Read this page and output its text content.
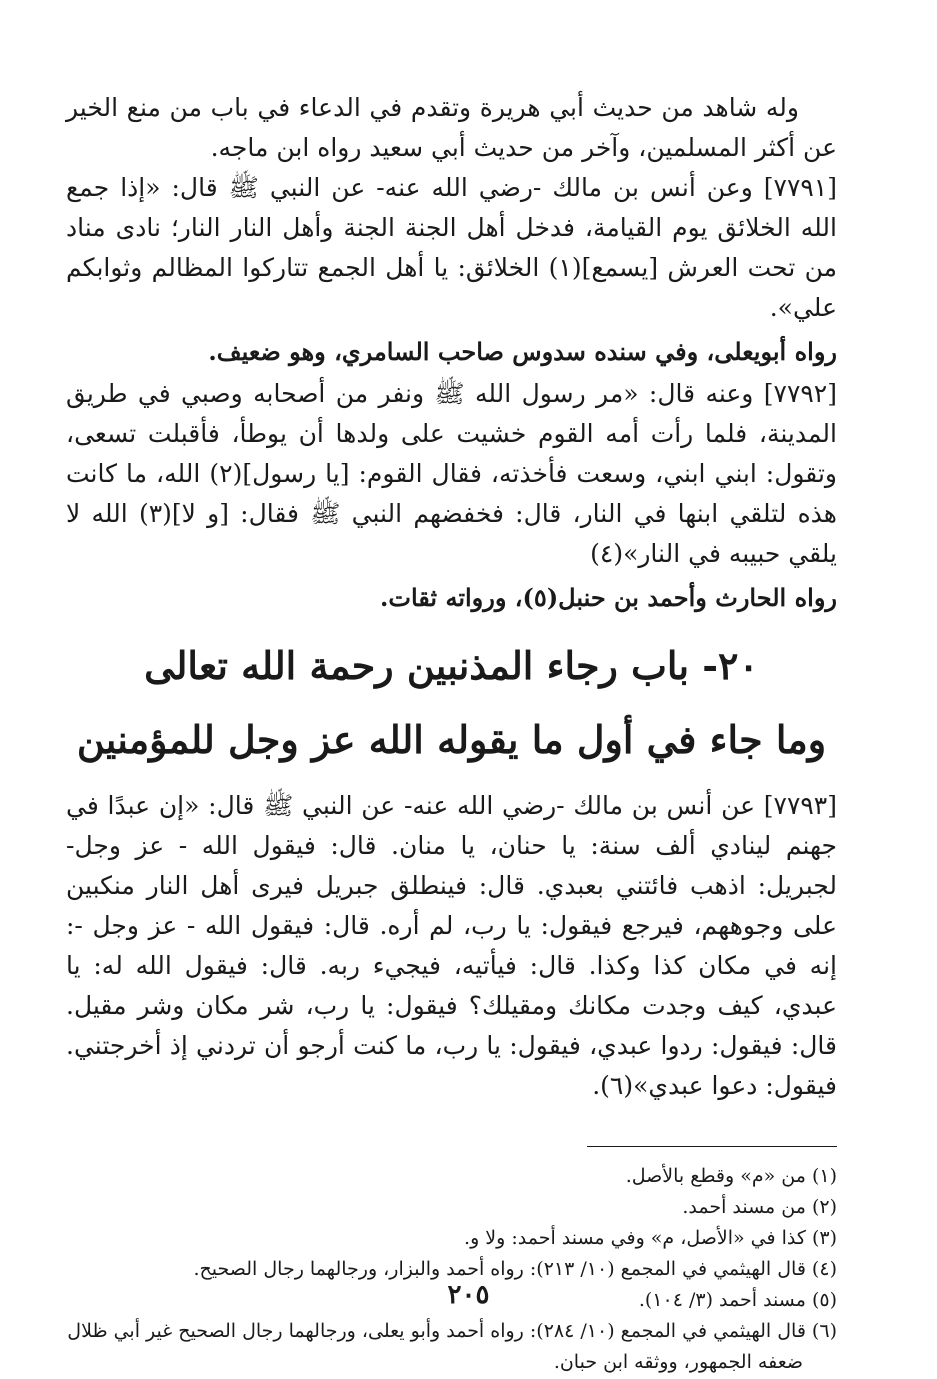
وله شاهد من حديث أبي هريرة وتقدم في الدعاء في باب من منع الخير عن أكثر المسلمين، وآخر من حديث أبي سعيد رواه ابن ماجه.

[٧٧٩١] وعن أنس بن مالك -رضي الله عنه- عن النبي ﷺ قال: «إذا جمع الله الخلائق يوم القيامة، فدخل أهل الجنة الجنة وأهل النار النار؛ نادى مناد من تحت العرش [يسمع](١) الخلائق: يا أهل الجمع تتاركوا المظالم وثوابكم علي».

رواه أبويعلى، وفي سنده سدوس صاحب السامري، وهو ضعيف.

[٧٧٩٢] وعنه قال: «مر رسول الله ﷺ ونفر من أصحابه وصبي في طريق المدينة، فلما رأت أمه القوم خشيت على ولدها أن يوطأ، فأقبلت تسعى، وتقول: ابني ابني، وسعت فأخذته، فقال القوم: [يا رسول](٢) الله، ما كانت هذه لتلقي ابنها في النار، قال: فخفضهم النبي ﷺ فقال: [و لا](٣) الله لا يلقي حبيبه في النار»(٤)

رواه الحارث وأحمد بن حنبل(٥)، ورواته ثقات.

٢٠- باب رجاء المذنبين رحمة الله تعالى
وما جاء في أول ما يقوله الله عز وجل للمؤمنين

[٧٧٩٣] عن أنس بن مالك -رضي الله عنه- عن النبي ﷺ قال: «إن عبدًا في جهنم لينادي ألف سنة: يا حنان، يا منان. قال: فيقول الله - عز وجل- لجبريل: اذهب فائتني بعبدي. قال: فينطلق جبريل فيرى أهل النار منكبين على وجوههم، فيرجع فيقول: يا رب، لم أره. قال: فيقول الله - عز وجل -: إنه في مكان كذا وكذا. قال: فيأتيه، فيجيء ربه. قال: فيقول الله له: يا عبدي، كيف وجدت مكانك ومقيلك؟ فيقول: يا رب، شر مكان وشر مقيل. قال: فيقول: ردوا عبدي، فيقول: يا رب، ما كنت أرجو أن تردني إذ أخرجتني. فيقول: دعوا عبدي»(٦).

(١) من «م» وقطع بالأصل.

(٢) من مسند أحمد.

(٣) كذا في «الأصل، م» وفي مسند أحمد: ولا و.

(٤) قال الهيثمي في المجمع (١٠/ ٢١٣): رواه أحمد والبزار، ورجالهما رجال الصحيح.

(٥) مسند أحمد (٣/ ١٠٤).

(٦) قال الهيثمي في المجمع (١٠/ ٢٨٤): رواه أحمد وأبو يعلى، ورجالهما رجال الصحيح غير أبي ظلال

ضعفه الجمهور، ووثقه ابن حبان.

٢٠٥
